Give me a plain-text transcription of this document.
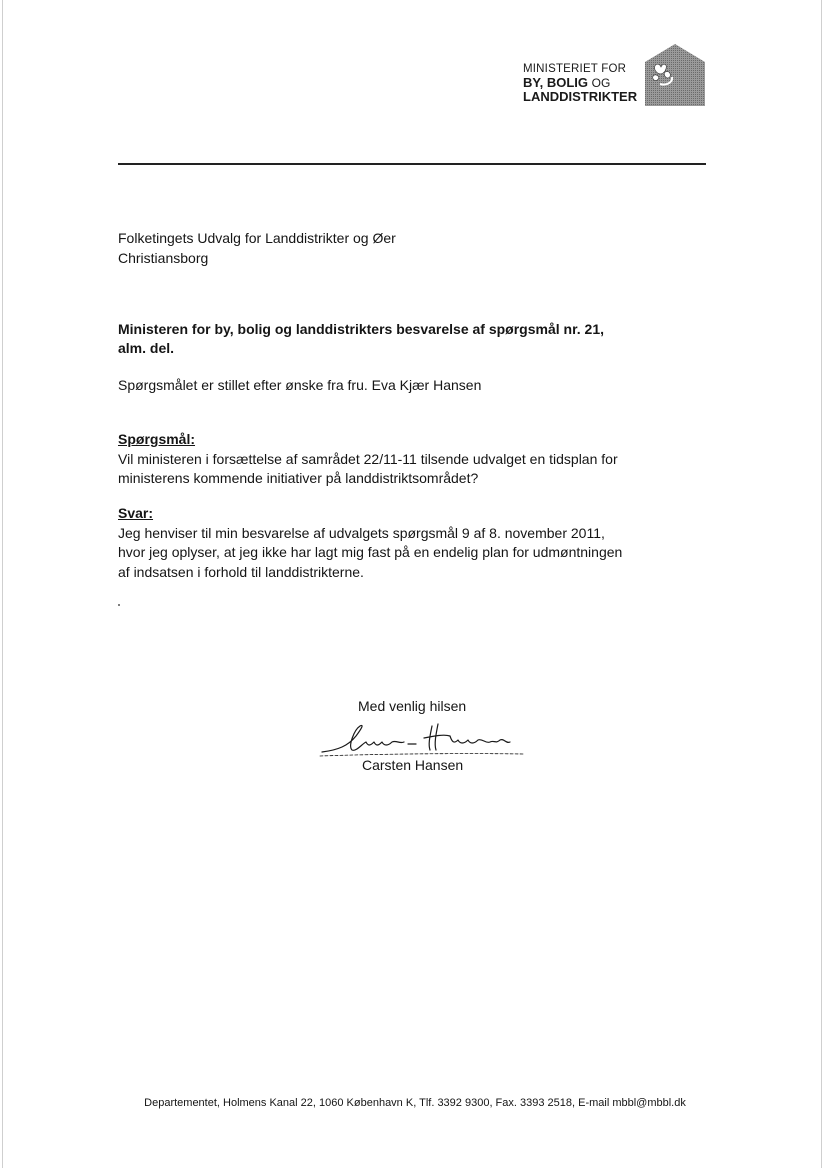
MINISTERIET FOR
BY, BOLIG OG
LANDDISTRIKTER
Folketingets Udvalg for Landdistrikter og Øer
Christiansborg
Ministeren for by, bolig og landdistrikters besvarelse af spørgsmål nr. 21,
alm. del.
Spørgsmålet er stillet efter ønske fra fru. Eva Kjær Hansen
Spørgsmål:
Vil ministeren i forsættelse af samrådet 22/11-11 tilsende udvalget en tidsplan for
ministerens kommende initiativer på landdistriktsområdet?
Svar:
Jeg henviser til min besvarelse af udvalgets spørgsmål 9 af 8. november 2011,
hvor jeg oplyser, at jeg ikke har lagt mig fast på en endelig plan for udmøntningen
af indsatsen i forhold til landdistrikterne.
Med venlig hilsen
Carsten Hansen
Departementet, Holmens Kanal 22, 1060 København K, Tlf. 3392 9300, Fax. 3393 2518, E-mail mbbl@mbbl.dk
